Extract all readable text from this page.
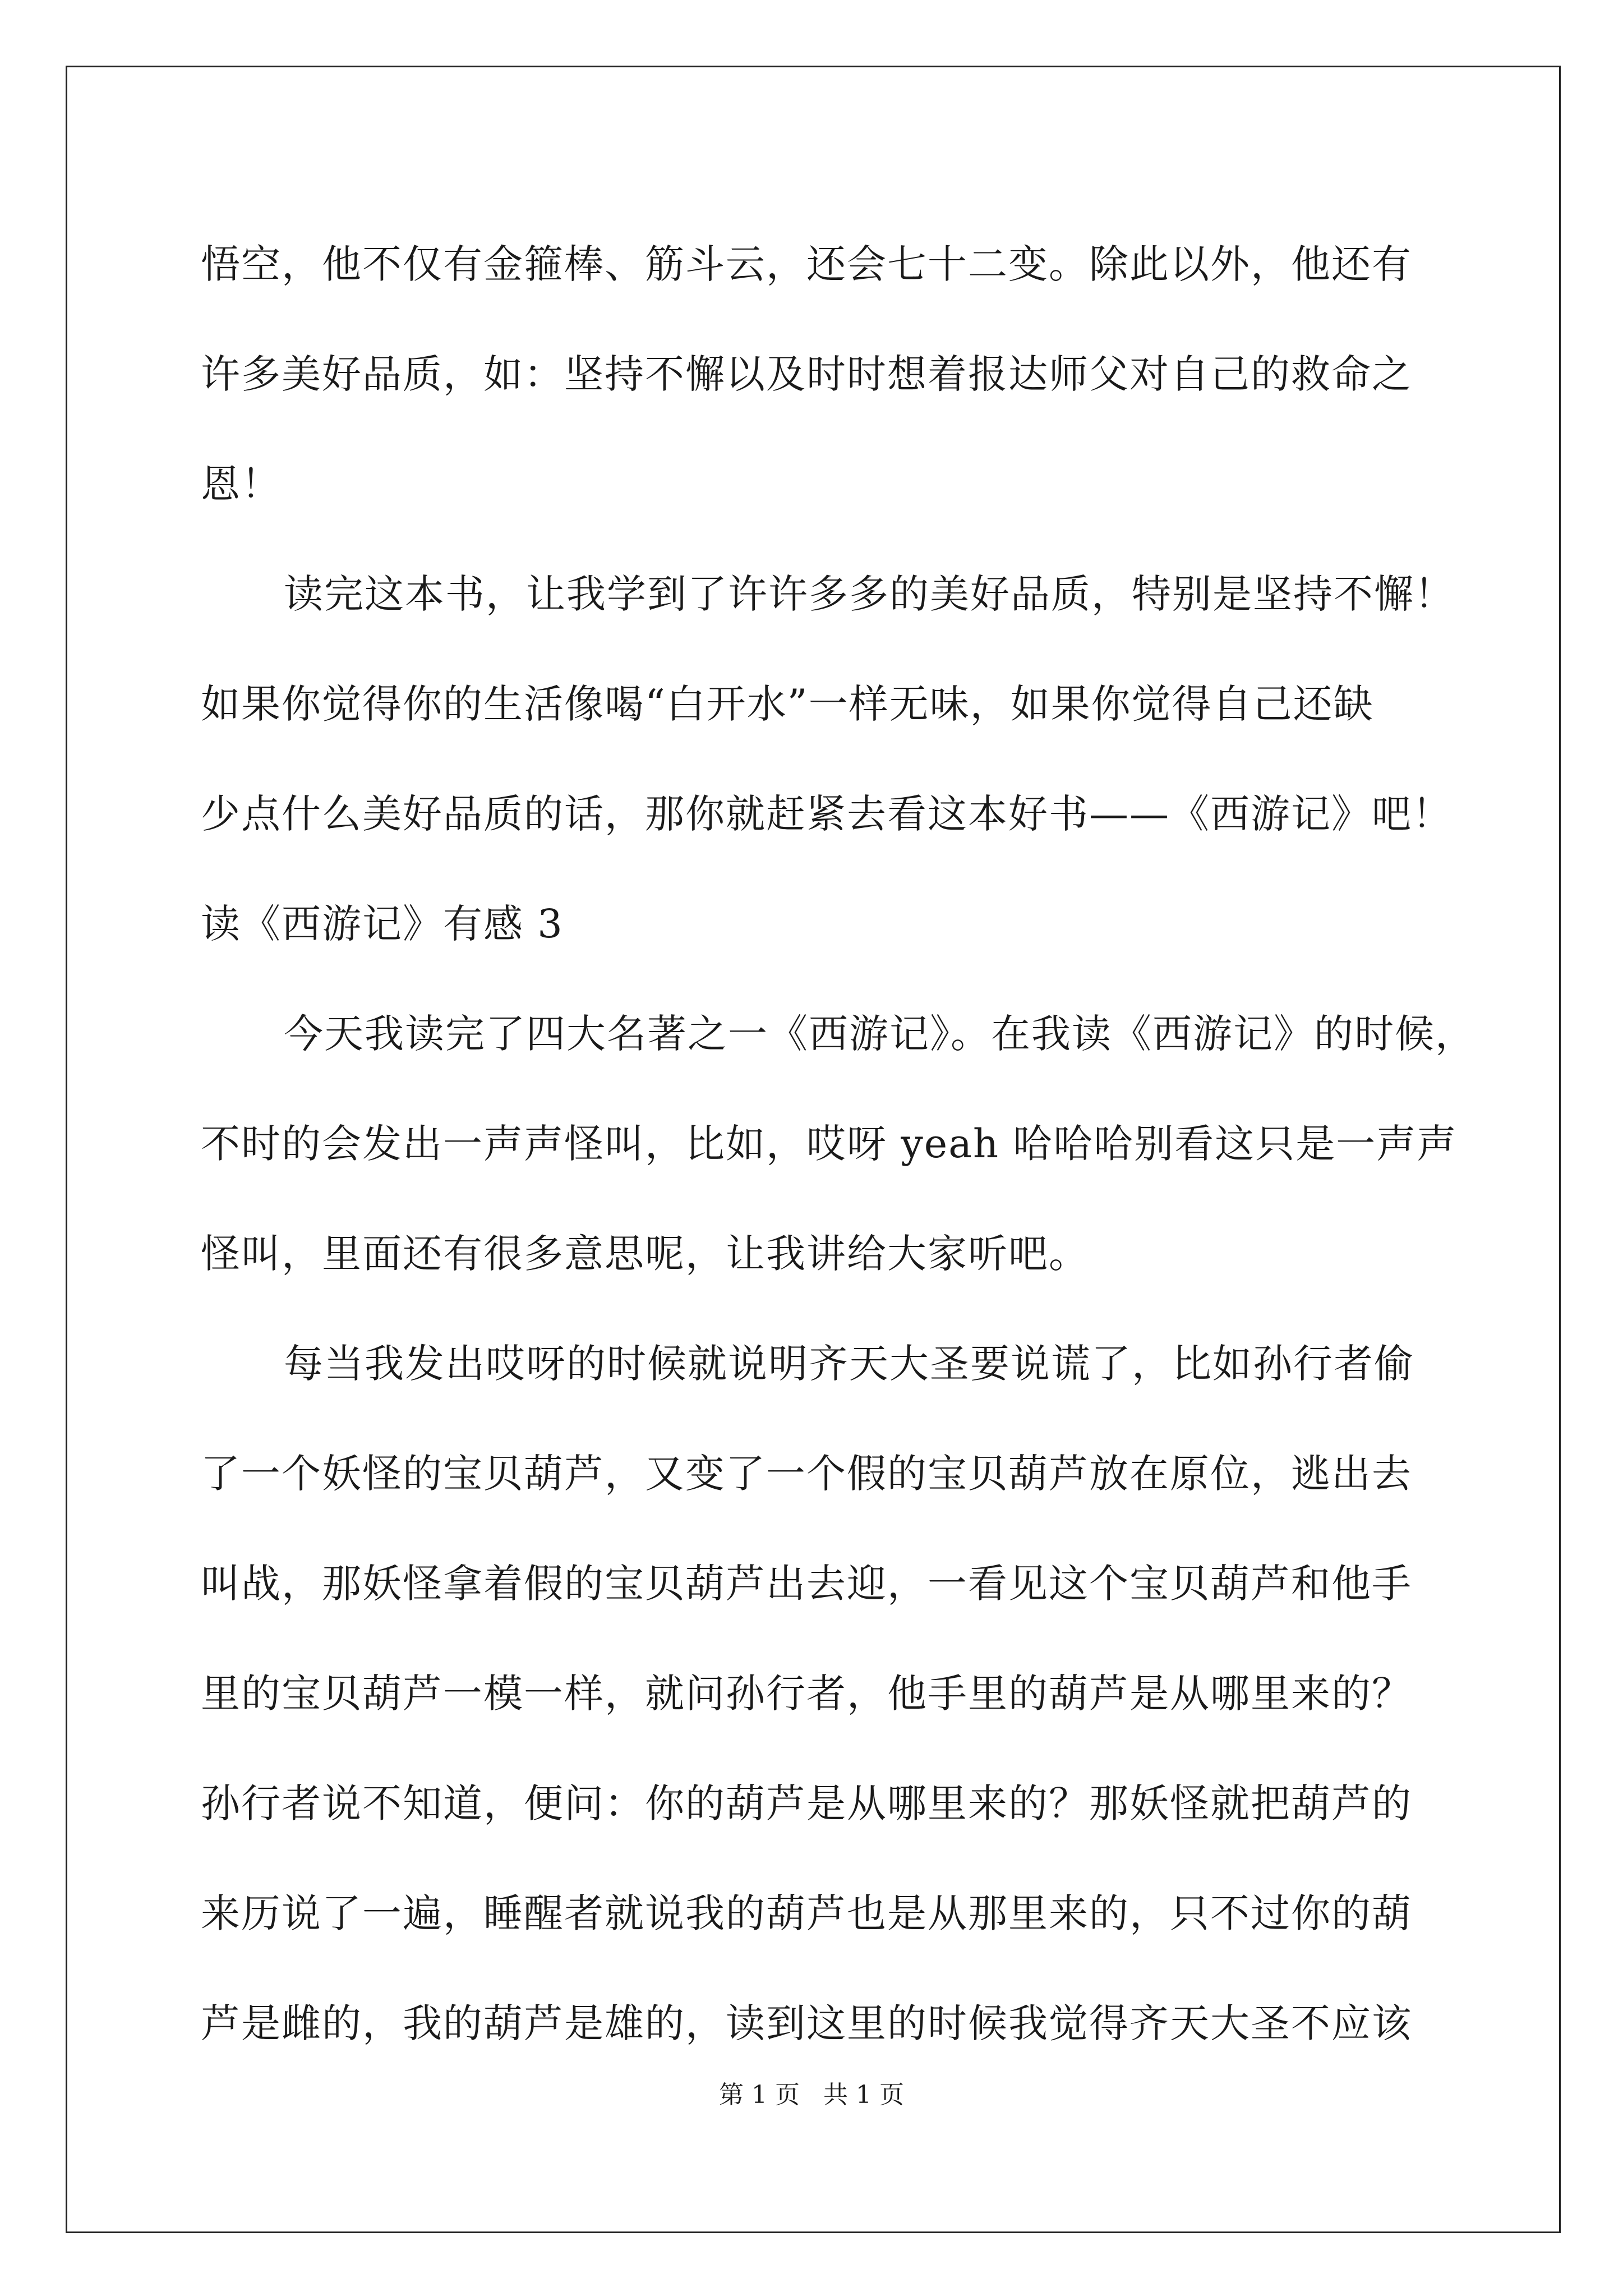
悟空，他不仅有金箍棒、筋斗云，还会七十二变。除此以外，他还有
许多美好品质，如：坚持不懈以及时时想着报达师父对自己的救命之
恩！
读完这本书，让我学到了许许多多的美好品质，特别是坚持不懈！
如果你觉得你的生活像喝“白开水”一样无味，如果你觉得自己还缺
少点什么美好品质的话，那你就赶紧去看这本好书——《西游记》吧！
读《西游记》有感 3
今天我读完了四大名著之一《西游记》。在我读《西游记》的时候，
不时的会发出一声声怪叫，比如，哎呀 yeah 哈哈哈别看这只是一声声
怪叫，里面还有很多意思呢，让我讲给大家听吧。
每当我发出哎呀的时候就说明齐天大圣要说谎了，比如孙行者偷
了一个妖怪的宝贝葫芦，又变了一个假的宝贝葫芦放在原位，逃出去
叫战，那妖怪拿着假的宝贝葫芦出去迎，一看见这个宝贝葫芦和他手
里的宝贝葫芦一模一样，就问孙行者，他手里的葫芦是从哪里来的？
孙行者说不知道，便问：你的葫芦是从哪里来的？那妖怪就把葫芦的
来历说了一遍，睡醒者就说我的葫芦也是从那里来的，只不过你的葫
芦是雌的，我的葫芦是雄的，读到这里的时候我觉得齐天大圣不应该
第 1 页   共 1 页
